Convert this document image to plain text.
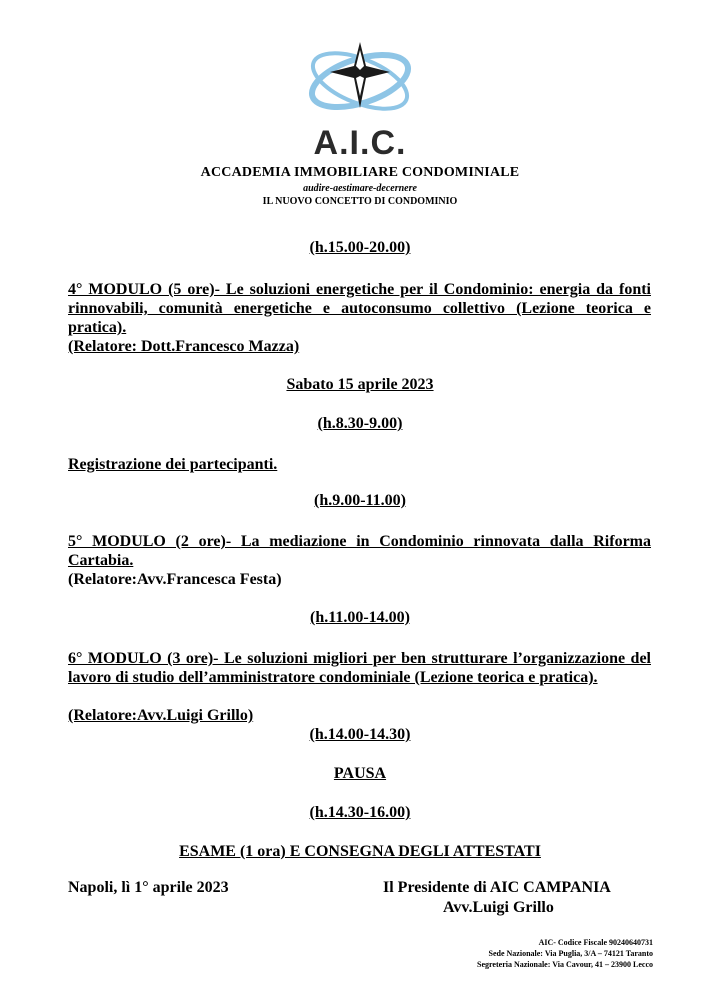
A.I.C.
ACCADEMIA IMMOBILIARE CONDOMINIALE
audire-aestimare-decernere
IL NUOVO CONCETTO DI CONDOMINIO
(h.15.00-20.00)
4° MODULO (5 ore)- Le soluzioni energetiche per il Condominio: energia da fonti rinnovabili, comunità energetiche e autoconsumo collettivo (Lezione teorica e pratica).
(Relatore: Dott.Francesco Mazza)
Sabato 15 aprile 2023
(h.8.30-9.00)
Registrazione dei partecipanti.
(h.9.00-11.00)
5° MODULO (2 ore)- La mediazione in Condominio rinnovata dalla Riforma Cartabia.
(Relatore:Avv.Francesca Festa)
(h.11.00-14.00)
6° MODULO (3 ore)- Le soluzioni migliori per ben strutturare l’organizzazione del lavoro di studio dell’amministratore condominiale (Lezione teorica e pratica).
(Relatore:Avv.Luigi Grillo)
(h.14.00-14.30)
PAUSA
(h.14.30-16.00)
ESAME (1 ora) E CONSEGNA DEGLI ATTESTATI
Napoli, lì 1° aprile 2023	Il Presidente di AIC CAMPANIA
Avv.Luigi Grillo
AIC- Codice Fiscale 90240640731
Sede Nazionale: Via Puglia, 3/A – 74121 Taranto
Segreteria Nazionale: Via Cavour, 41 – 23900 Lecco
